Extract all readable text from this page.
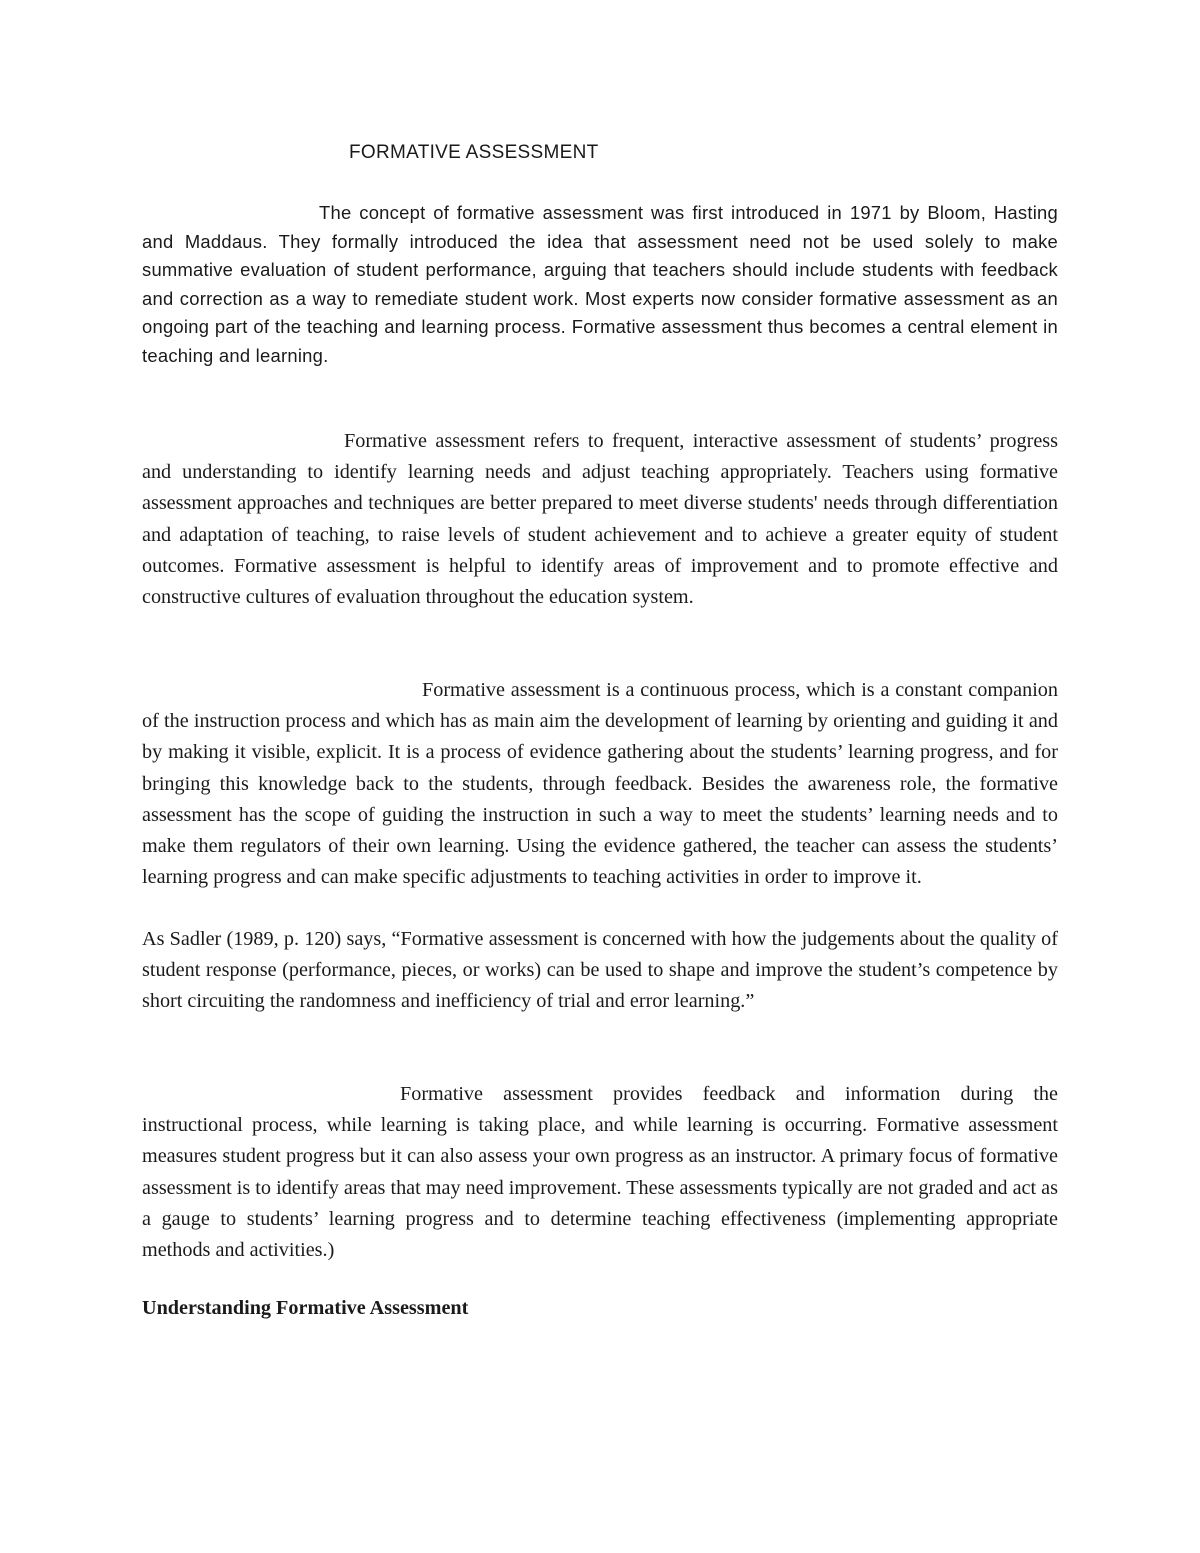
FORMATIVE ASSESSMENT

The concept of formative assessment was first introduced in 1971 by Bloom, Hasting and Maddaus. They formally introduced the idea that assessment need not be used solely to make summative evaluation of student performance, arguing that teachers should include students with feedback and correction as a way to remediate student work. Most experts now consider formative assessment as an ongoing part of the teaching and learning process. Formative assessment thus becomes a central element in teaching and learning.

Formative assessment refers to frequent, interactive assessment of students’ progress and understanding to identify learning needs and adjust teaching appropriately. Teachers using formative assessment approaches and techniques are better prepared to meet diverse students' needs through differentiation and adaptation of teaching, to raise levels of student achievement and to achieve a greater equity of student outcomes. Formative assessment is helpful to identify areas of improvement and to promote effective and constructive cultures of evaluation throughout the education system.

Formative assessment is a continuous process, which is a constant companion of the instruction process and which has as main aim the development of learning by orienting and guiding it and by making it visible, explicit. It is a process of evidence gathering about the students’ learning progress, and for bringing this knowledge back to the students, through feedback. Besides the awareness role, the formative assessment has the scope of guiding the instruction in such a way to meet the students’ learning needs and to make them regulators of their own learning. Using the evidence gathered, the teacher can assess the students’ learning progress and can make specific adjustments to teaching activities in order to improve it.

As Sadler (1989, p. 120) says, “Formative assessment is concerned with how the judgements about the quality of student response (performance, pieces, or works) can be used to shape and improve the student’s competence by short circuiting the randomness and inefficiency of trial and error learning.”

Formative assessment provides feedback and information during the instructional process, while learning is taking place, and while learning is occurring. Formative assessment measures student progress but it can also assess your own progress as an instructor. A primary focus of formative assessment is to identify areas that may need improvement. These assessments typically are not graded and act as a gauge to students’ learning progress and to determine teaching effectiveness (implementing appropriate methods and activities.)

Understanding Formative Assessment
